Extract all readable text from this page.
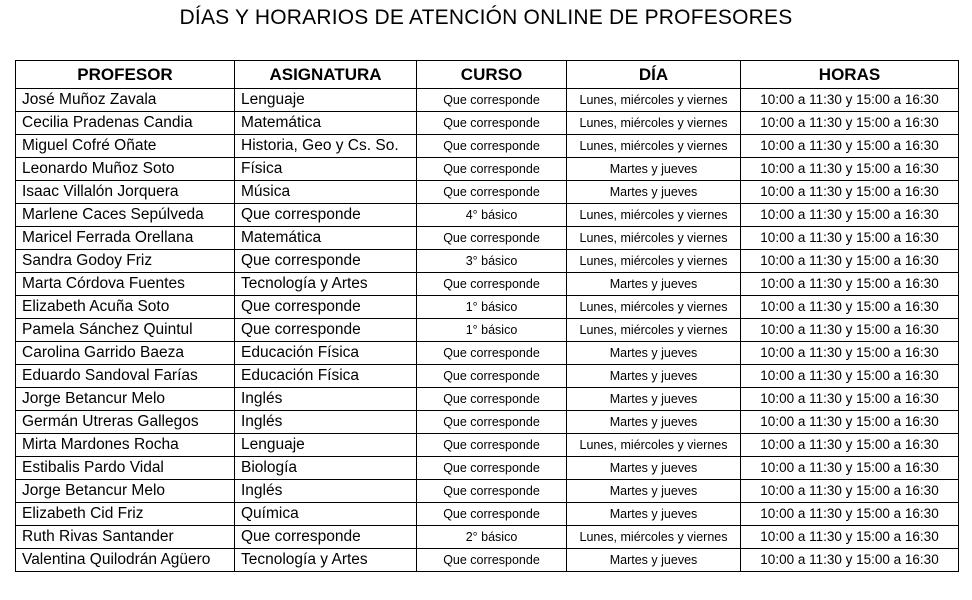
DÍAS Y HORARIOS DE ATENCIÓN ONLINE DE PROFESORES
PROFESOR	ASIGNATURA	CURSO	DÍA	HORAS
José Muñoz Zavala	Lenguaje	Que corresponde	Lunes, miércoles y viernes	10:00 a 11:30 y 15:00 a 16:30
Cecilia Pradenas Candia	Matemática	Que corresponde	Lunes, miércoles y viernes	10:00 a 11:30 y 15:00 a 16:30
Miguel Cofré Oñate	Historia, Geo y Cs. So.	Que corresponde	Lunes, miércoles y viernes	10:00 a 11:30 y 15:00 a 16:30
Leonardo Muñoz Soto	Física	Que corresponde	Martes y jueves	10:00 a 11:30 y 15:00 a 16:30
Isaac Villalón Jorquera	Música	Que corresponde	Martes y jueves	10:00 a 11:30 y 15:00 a 16:30
Marlene Caces Sepúlveda	Que corresponde	4° básico	Lunes, miércoles y viernes	10:00 a 11:30 y 15:00 a 16:30
Maricel Ferrada Orellana	Matemática	Que corresponde	Lunes, miércoles y viernes	10:00 a 11:30 y 15:00 a 16:30
Sandra Godoy Friz	Que corresponde	3° básico	Lunes, miércoles y viernes	10:00 a 11:30 y 15:00 a 16:30
Marta Córdova Fuentes	Tecnología y Artes	Que corresponde	Martes y jueves	10:00 a 11:30 y 15:00 a 16:30
Elizabeth Acuña Soto	Que corresponde	1° básico	Lunes, miércoles y viernes	10:00 a 11:30 y 15:00 a 16:30
Pamela Sánchez Quintul	Que corresponde	1° básico	Lunes, miércoles y viernes	10:00 a 11:30 y 15:00 a 16:30
Carolina Garrido Baeza	Educación Física	Que corresponde	Martes y jueves	10:00 a 11:30 y 15:00 a 16:30
Eduardo Sandoval Farías	Educación Física	Que corresponde	Martes y jueves	10:00 a 11:30 y 15:00 a 16:30
Jorge Betancur Melo	Inglés	Que corresponde	Martes y jueves	10:00 a 11:30 y 15:00 a 16:30
Germán Utreras Gallegos	Inglés	Que corresponde	Martes y jueves	10:00 a 11:30 y 15:00 a 16:30
Mirta Mardones Rocha	Lenguaje	Que corresponde	Lunes, miércoles y viernes	10:00 a 11:30 y 15:00 a 16:30
Estibalis Pardo Vidal	Biología	Que corresponde	Martes y jueves	10:00 a 11:30 y 15:00 a 16:30
Jorge Betancur Melo	Inglés	Que corresponde	Martes y jueves	10:00 a 11:30 y 15:00 a 16:30
Elizabeth Cid Friz	Química	Que corresponde	Martes y jueves	10:00 a 11:30 y 15:00 a 16:30
Ruth Rivas Santander	Que corresponde	2° básico	Lunes, miércoles y viernes	10:00 a 11:30 y 15:00 a 16:30
Valentina Quilodrán Agüero	Tecnología y Artes	Que corresponde	Martes y jueves	10:00 a 11:30 y 15:00 a 16:30
